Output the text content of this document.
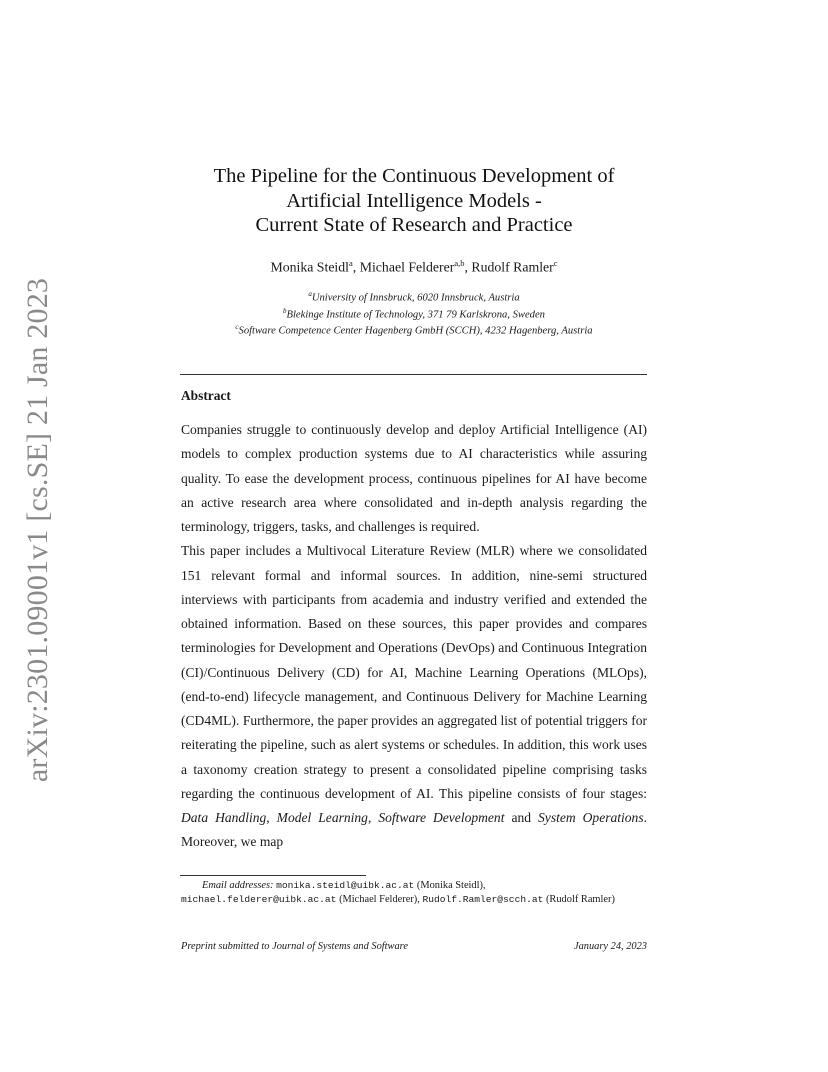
arXiv:2301.09001v1 [cs.SE] 21 Jan 2023
The Pipeline for the Continuous Development of
Artificial Intelligence Models -
Current State of Research and Practice
Monika Steidl$^a$, Michael Felderer$^{a,b}$, Rudolf Ramler$^c$
$^a$University of Innsbruck, 6020 Innsbruck, Austria
$^b$Blekinge Institute of Technology, 371 79 Karlskrona, Sweden
$^c$Software Competence Center Hagenberg GmbH (SCCH), 4232 Hagenberg, Austria
Abstract

Companies struggle to continuously develop and deploy Artificial Intelligence (AI) models to complex production systems due to AI characteristics while assuring quality. To ease the development process, continuous pipelines for AI have become an active research area where consolidated and in-depth analysis regarding the terminology, triggers, tasks, and challenges is required.

This paper includes a Multivocal Literature Review (MLR) where we consolidated 151 relevant formal and informal sources. In addition, nine-semi structured interviews with participants from academia and industry verified and extended the obtained information. Based on these sources, this paper provides and compares terminologies for Development and Operations (DevOps) and Continuous Integration (CI)/Continuous Delivery (CD) for AI, Machine Learning Operations (MLOps), (end-to-end) lifecycle management, and Continuous Delivery for Machine Learning (CD4ML). Furthermore, the paper provides an aggregated list of potential triggers for reiterating the pipeline, such as alert systems or schedules. In addition, this work uses a taxonomy creation strategy to present a consolidated pipeline comprising tasks regarding the continuous development of AI. This pipeline consists of four stages: Data Handling, Model Learning, Software Development and System Operations. Moreover, we map

Email addresses: monika.steidl@uibk.ac.at (Monika Steidl),
michael.felderer@uibk.ac.at (Michael Felderer), Rudolf.Ramler@scch.at (Rudolf Ramler)
Preprint submitted to Journal of Systems and Software	January 24, 2023
